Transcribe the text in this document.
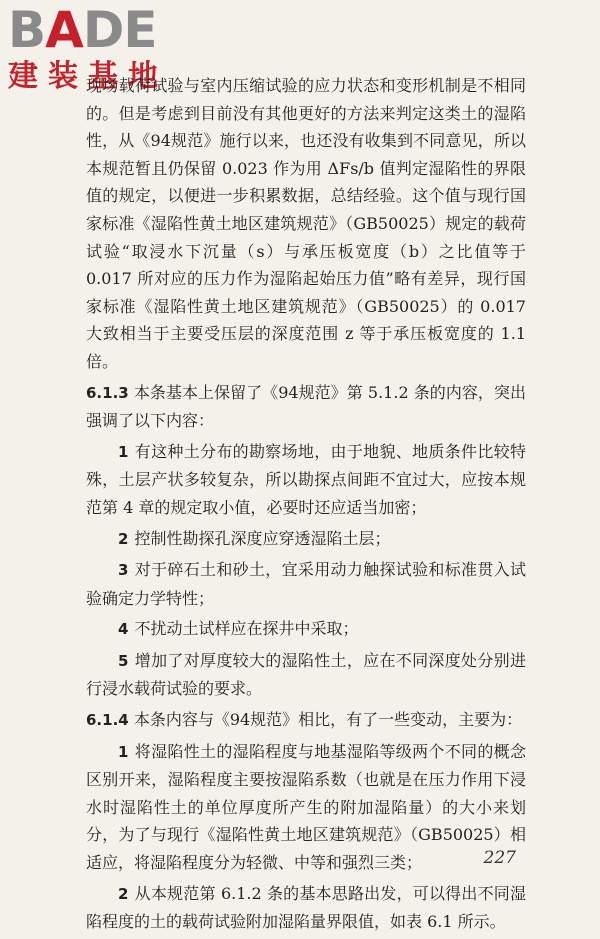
BADE
建装基地

现场载荷试验与室内压缩试验的应力状态和变形机制是不相同的。但是考虑到目前没有其他更好的方法来判定这类土的湿陷性，从《94规范》施行以来，也还没有收集到不同意见，所以本规范暂且仍保留 0.023 作为用 ΔFs/b 值判定湿陷性的界限值的规定，以便进一步积累数据，总结经验。这个值与现行国家标准《湿陷性黄土地区建筑规范》（GB50025）规定的载荷试验“取浸水下沉量（s）与承压板宽度（b）之比值等于 0.017 所对应的压力作为湿陷起始压力值”略有差异，现行国家标准《湿陷性黄土地区建筑规范》（GB50025）的 0.017 大致相当于主要受压层的深度范围 z 等于承压板宽度的 1.1 倍。

6.1.3 本条基本上保留了《94规范》第 5.1.2 条的内容，突出强调了以下内容：

1 有这种土分布的勘察场地，由于地貌、地质条件比较特殊，土层产状多较复杂，所以勘探点间距不宜过大，应按本规范第 4 章的规定取小值，必要时还应适当加密；

2 控制性勘探孔深度应穿透湿陷土层；

3 对于碎石土和砂土，宜采用动力触探试验和标准贯入试验确定力学特性；

4 不扰动土试样应在探井中采取；

5 增加了对厚度较大的湿陷性土，应在不同深度处分别进行浸水载荷试验的要求。

6.1.4 本条内容与《94规范》相比，有了一些变动，主要为：

1 将湿陷性土的湿陷程度与地基湿陷等级两个不同的概念区别开来，湿陷程度主要按湿陷系数（也就是在压力作用下浸水时湿陷性土的单位厚度所产生的附加湿陷量）的大小来划分，为了与现行《湿陷性黄土地区建筑规范》（GB50025）相适应，将湿陷程度分为轻微、中等和强烈三类；

2 从本规范第 6.1.2 条的基本思路出发，可以得出不同湿陷程度的土的载荷试验附加湿陷量界限值，如表 6.1 所示。

227
